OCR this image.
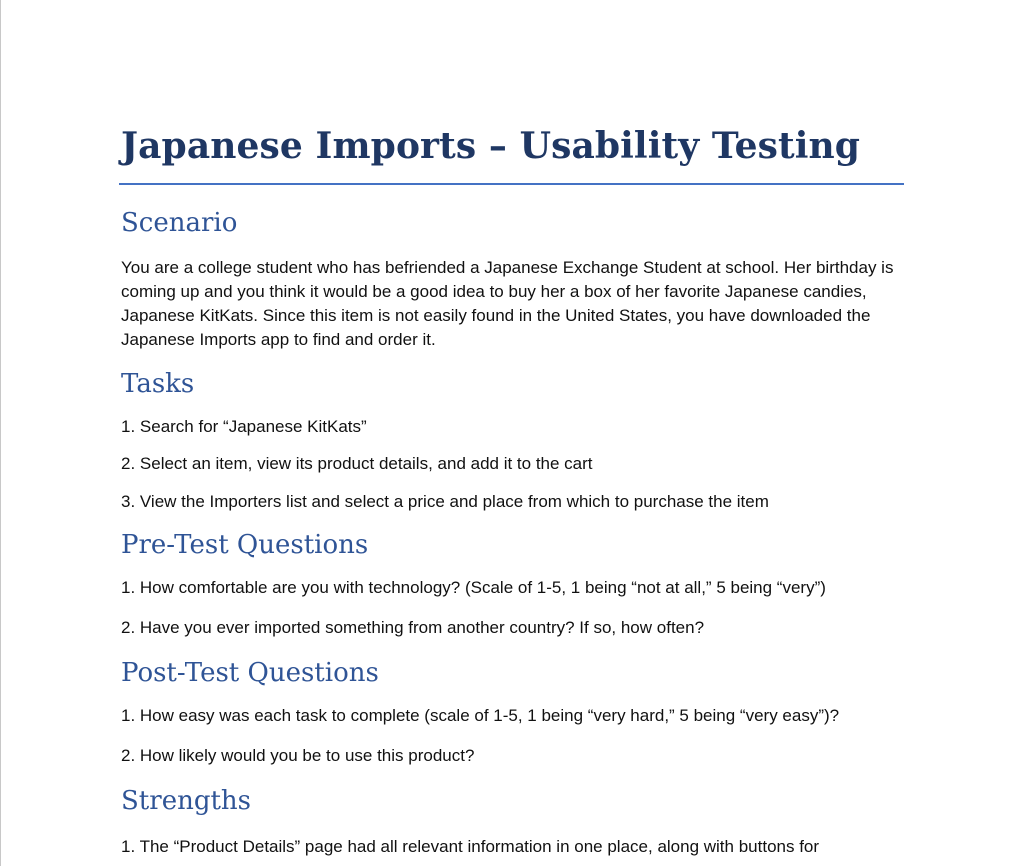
Japanese Imports – Usability Testing
Scenario

You are a college student who has befriended a Japanese Exchange Student at school. Her birthday is coming up and you think it would be a good idea to buy her a box of her favorite Japanese candies, Japanese KitKats. Since this item is not easily found in the United States, you have downloaded the Japanese Imports app to find and order it.

Tasks

1. Search for “Japanese KitKats”

2. Select an item, view its product details, and add it to the cart

3. View the Importers list and select a price and place from which to purchase the item

Pre-Test Questions

1. How comfortable are you with technology? (Scale of 1-5, 1 being “not at all,” 5 being “very”)

2. Have you ever imported something from another country? If so, how often?

Post-Test Questions

1. How easy was each task to complete (scale of 1-5, 1 being “very hard,” 5 being “very easy”)?

2. How likely would you be to use this product?

Strengths

1. The “Product Details” page had all relevant information in one place, along with buttons for
